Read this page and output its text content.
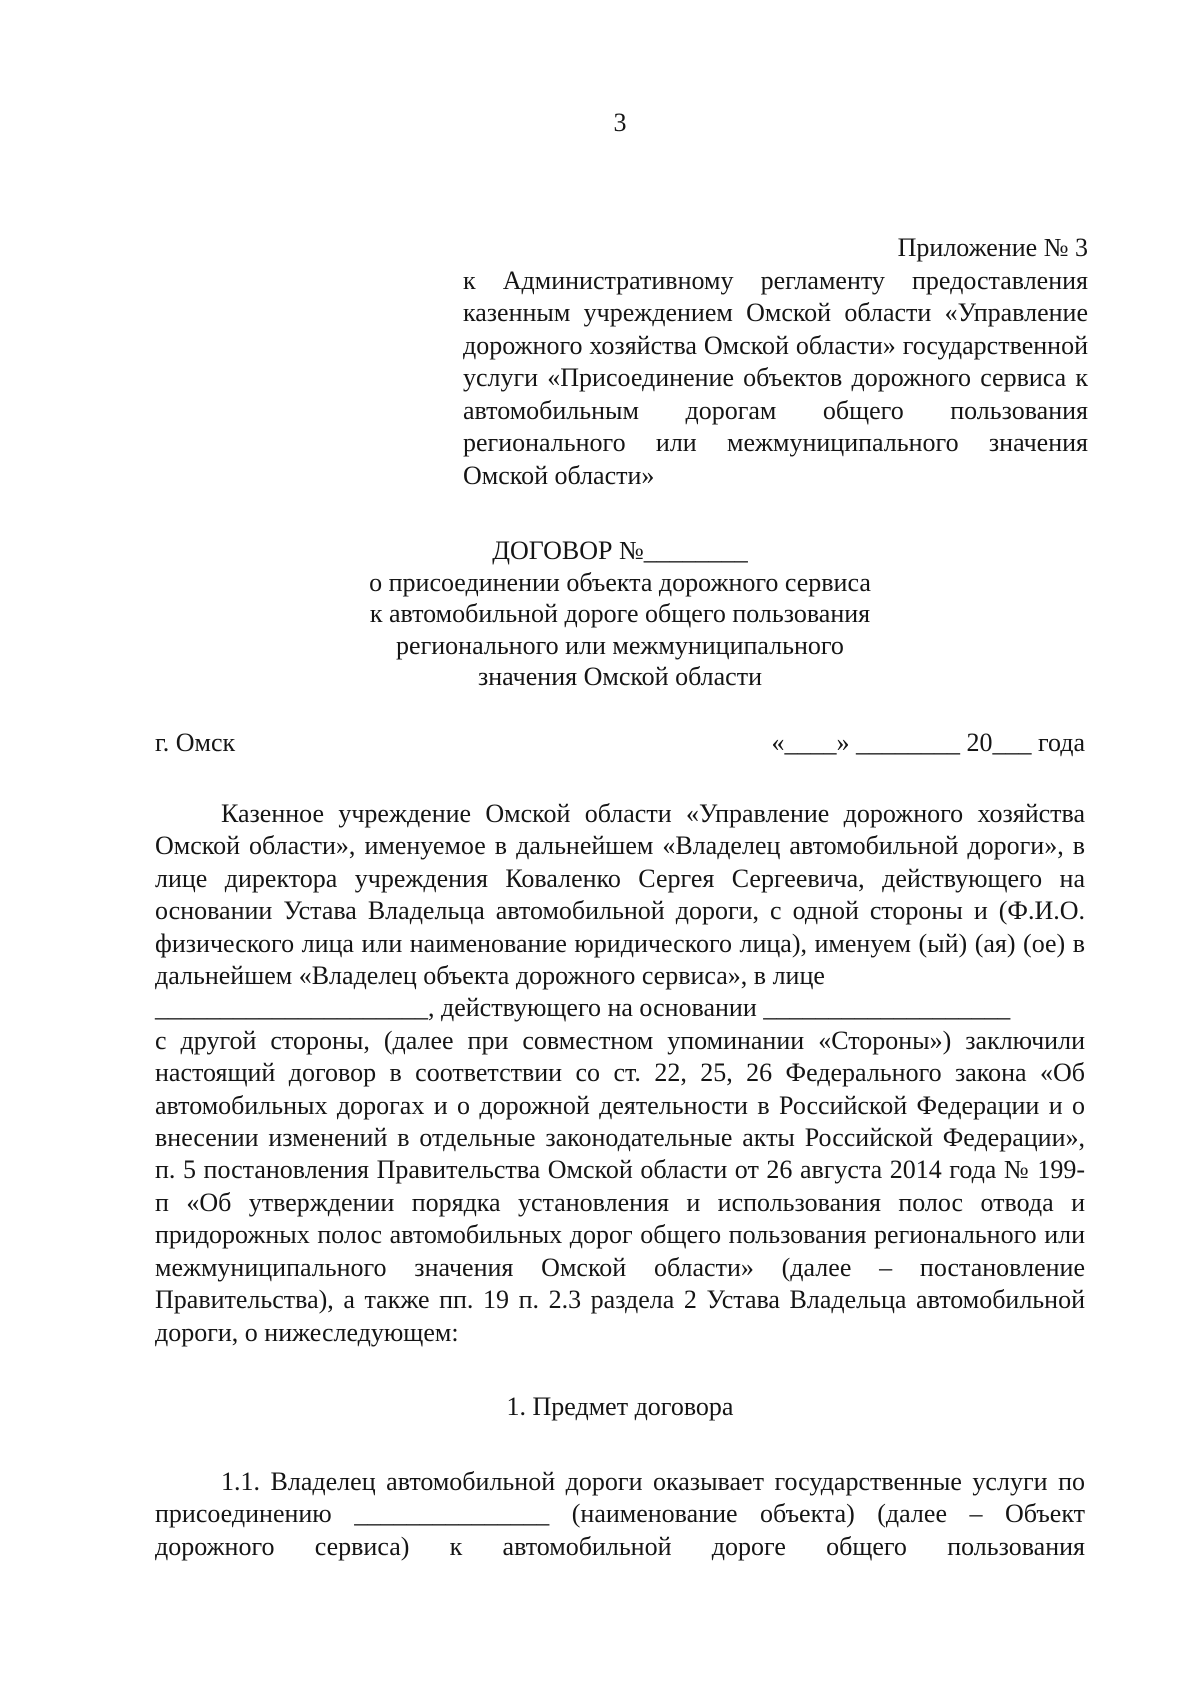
3
Приложение № 3
к Административному регламенту предоставления казенным учреждением Омской области «Управление дорожного хозяйства Омской области» государственной услуги «Присоединение объектов дорожного сервиса к автомобильным дорогам общего пользования регионального или межмуниципального значения Омской области»
ДОГОВОР №________
о присоединении объекта дорожного сервиса
к автомобильной дороге общего пользования
регионального или межмуниципального
значения Омской области
г. Омск	«____» ________ 20___ года

Казенное учреждение Омской области «Управление дорожного хозяйства Омской области», именуемое в дальнейшем «Владелец автомобильной дороги», в лице директора учреждения Коваленко Сергея Сергеевича, действующего на основании Устава Владельца автомобильной дороги, с одной стороны и (Ф.И.О. физического лица или наименование юридического лица), именуем (ый) (ая) (ое) в дальнейшем «Владелец объекта дорожного сервиса», в лице

_____________________, действующего на основании ___________________

с другой стороны, (далее при совместном упоминании «Стороны») заключили настоящий договор в соответствии со ст. 22, 25, 26 Федерального закона «Об автомобильных дорогах и о дорожной деятельности в Российской Федерации и о внесении изменений в отдельные законодательные акты Российской Федерации», п. 5 постановления Правительства Омской области от 26 августа 2014 года № 199-п «Об утверждении порядка установления и использования полос отвода и придорожных полос автомобильных дорог общего пользования регионального или межмуниципального значения Омской области» (далее – постановление Правительства), а также пп. 19 п. 2.3 раздела 2 Устава Владельца автомобильной дороги, о нижеследующем:

1. Предмет договора
1.1. Владелец автомобильной дороги оказывает государственные услуги по присоединению _______________ (наименование объекта) (далее – Объект дорожного сервиса) к автомобильной дороге общего пользования
